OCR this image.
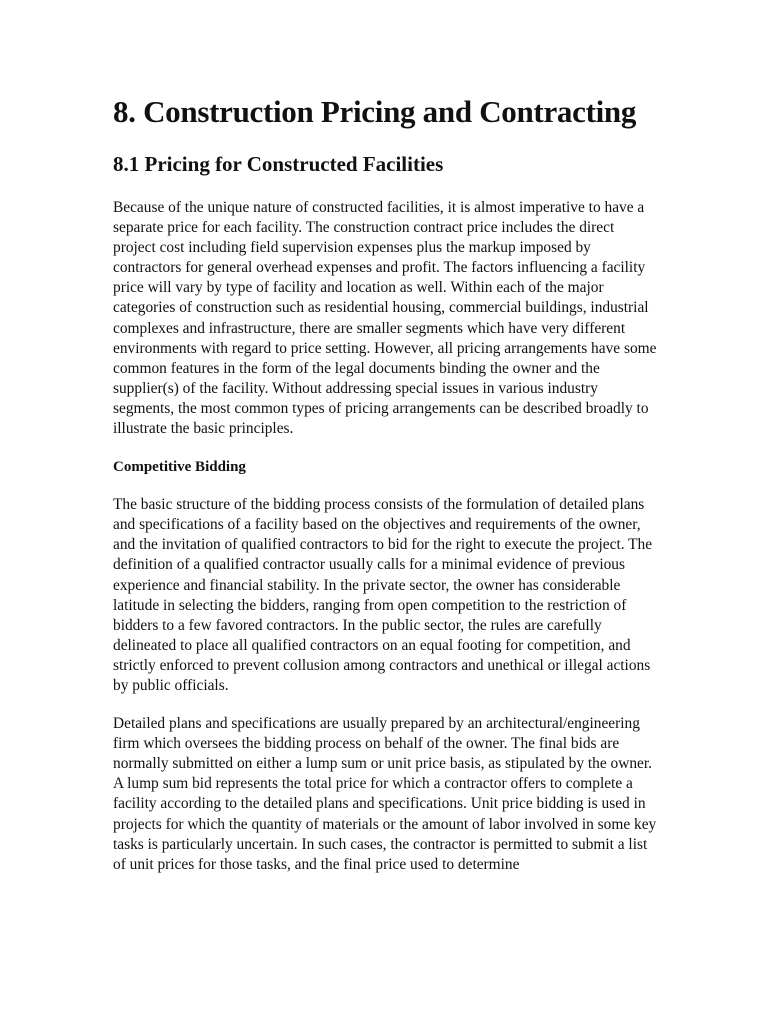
8. Construction Pricing and Contracting
8.1 Pricing for Constructed Facilities

Because of the unique nature of constructed facilities, it is almost imperative to have a separate price for each facility. The construction contract price includes the direct project cost including field supervision expenses plus the markup imposed by contractors for general overhead expenses and profit. The factors influencing a facility price will vary by type of facility and location as well. Within each of the major categories of construction such as residential housing, commercial buildings, industrial complexes and infrastructure, there are smaller segments which have very different environments with regard to price setting. However, all pricing arrangements have some common features in the form of the legal documents binding the owner and the supplier(s) of the facility. Without addressing special issues in various industry segments, the most common types of pricing arrangements can be described broadly to illustrate the basic principles.

Competitive Bidding

The basic structure of the bidding process consists of the formulation of detailed plans and specifications of a facility based on the objectives and requirements of the owner, and the invitation of qualified contractors to bid for the right to execute the project. The definition of a qualified contractor usually calls for a minimal evidence of previous experience and financial stability. In the private sector, the owner has considerable latitude in selecting the bidders, ranging from open competition to the restriction of bidders to a few favored contractors. In the public sector, the rules are carefully delineated to place all qualified contractors on an equal footing for competition, and strictly enforced to prevent collusion among contractors and unethical or illegal actions by public officials.

Detailed plans and specifications are usually prepared by an architectural/engineering firm which oversees the bidding process on behalf of the owner. The final bids are normally submitted on either a lump sum or unit price basis, as stipulated by the owner. A lump sum bid represents the total price for which a contractor offers to complete a facility according to the detailed plans and specifications. Unit price bidding is used in projects for which the quantity of materials or the amount of labor involved in some key tasks is particularly uncertain. In such cases, the contractor is permitted to submit a list of unit prices for those tasks, and the final price used to determine
